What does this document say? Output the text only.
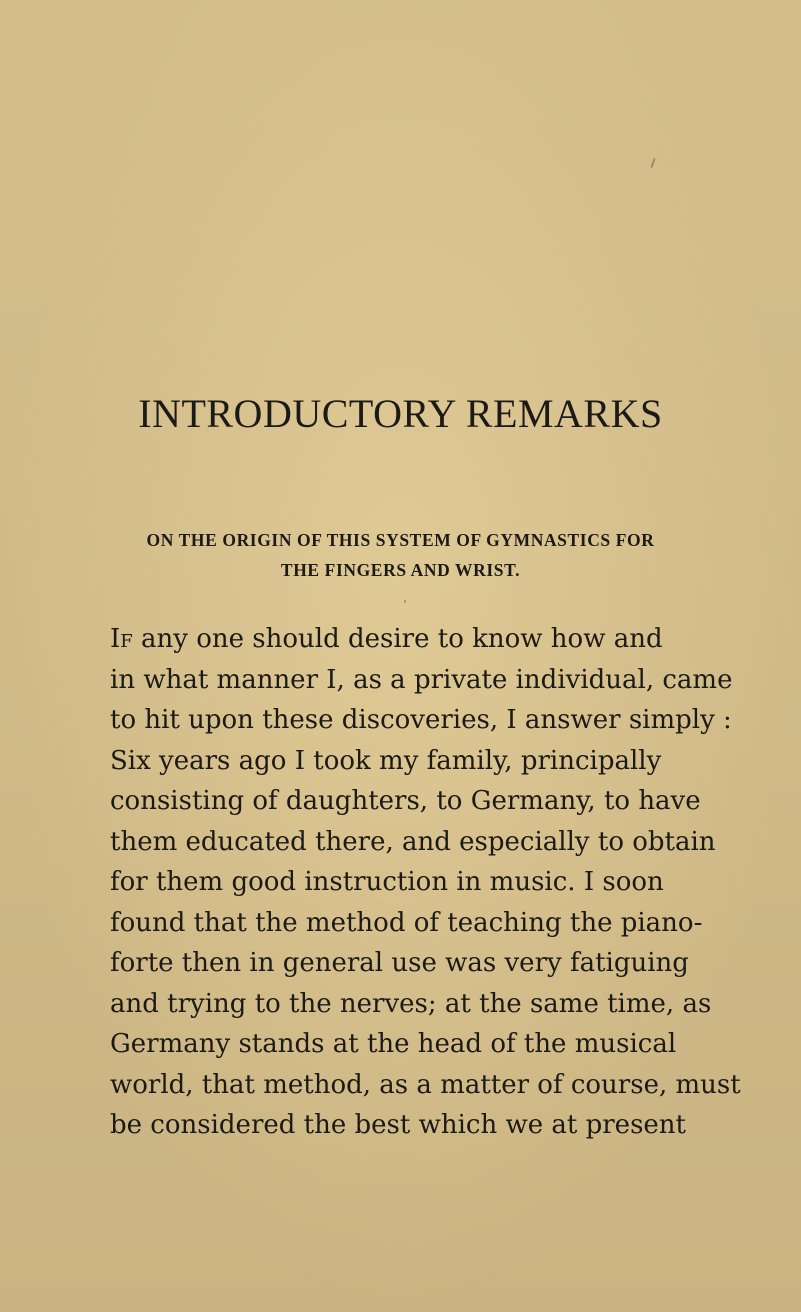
INTRODUCTORY REMARKS
ON THE ORIGIN OF THIS SYSTEM OF GYMNASTICS FOR
THE FINGERS AND WRIST.
If any one should desire to know how and
in what manner I, as a private individual, came
to hit upon these discoveries, I answer simply :
Six years ago I took my family, principally
consisting of daughters, to Germany, to have
them educated there, and especially to obtain
for them good instruction in music. I soon
found that the method of teaching the piano-
forte then in general use was very fatiguing
and trying to the nerves; at the same time, as
Germany stands at the head of the musical
world, that method, as a matter of course, must
be considered the best which we at present
